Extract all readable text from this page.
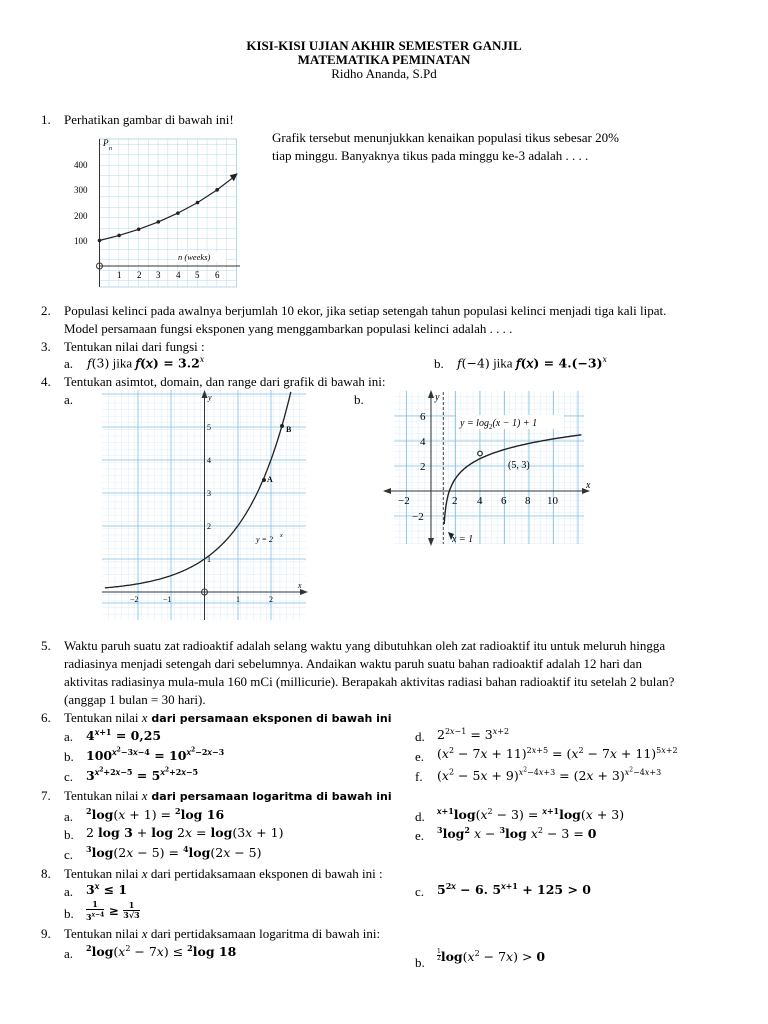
KISI-KISI UJIAN AKHIR SEMESTER GANJIL
MATEMATIKA PEMINATAN
Ridho Ananda, S.Pd
1. Perhatikan gambar di bawah ini!
Grafik tersebut menunjukkan kenaikan populasi tikus sebesar 20%
tiap minggu. Banyaknya tikus pada minggu ke-3 adalah . . . .
P
n
400
300
200
100
1 2 3 4 5 6
n (weeks)
2. Populasi kelinci pada awalnya berjumlah 10 ekor, jika setiap setengah tahun populasi kelinci menjadi tiga kali lipat.
Model persamaan fungsi eksponen yang menggambarkan populasi kelinci adalah . . . .
3. Tentukan nilai dari fungsi :
a. 𝑓(3) jika 𝑓(𝑥) = $3.2^𝑥$	b. 𝑓(−4) jika 𝑓(𝑥) = $4.(-3)^𝑥$
4. Tentukan asimtot, domain, dan range dari grafik di bawah ini:
a.	b.
y
x
5
4
3
2
1
−2	−1	1	2
A
B
y = 2 x
$y = \log_2(x - 1) + 1$
y
x
6
4
2
−2
−2	2 4 6 8 10
(5, 3)
x = 1
5. Waktu paruh suatu zat radioaktif adalah selang waktu yang dibutuhkan oleh zat radioaktif itu untuk meluruh hingga
radiasinya menjadi setengah dari sebelumnya. Andaikan waktu paruh suatu bahan radioaktif adalah 12 hari dan
aktivitas radiasinya mula-mula 160 mCi (millicurie). Berapakah aktivitas radiasi bahan radioaktif itu setelah 2 bulan?
(anggap 1 bulan = 30 hari).
6. Tentukan nilai x dari persamaan eksponen di bawah ini
a. $4^{𝑥+1} = 0,25$
b. $100^{𝑥^2-3𝑥-4} = 10^{𝑥^2-2𝑥-3}$
c. $3^{𝑥^2+2𝑥-5} = 5^{𝑥^2+2𝑥-5}$
d. $2^{2𝑥-1} = 3^{𝑥+2}$
e. (𝑥$^2$ − 7𝑥 + 11)$^{2𝑥+5}$ = (𝑥$^2$ − 7𝑥 + 11)$^{5𝑥+2}$
f. (𝑥$^2$ − 5𝑥 + 9)$^{𝑥^2-4𝑥+3}$ = (2𝑥 + 3)$^{𝑥^2-4𝑥+3}$
7. Tentukan nilai x dari persamaan logaritma di bawah ini
a. $^2$log(𝑥 + 1) = $^2$log 16
b. 2 log 3 + log 2𝑥 = log(3𝑥 + 1)
c. $^3$log(2𝑥 − 5) = $^4$log(2𝑥 − 5)
d. $^{𝑥+1}$log(𝑥$^2$ − 3) = $^{𝑥+1}$log(𝑥 + 3)
e. $^3\log^2$ 𝑥 − $^3$log 𝑥$^2$ − 3 = 0
8. Tentukan nilai x dari pertidaksamaan eksponen di bawah ini :
a. $3^𝑥 \le 1$
b.
1
$3^{𝑥-4} \ge \frac{1}{3√3}$
c. $5^{2𝑥} - 6$. $5^{𝑥+1} + 125 > 0$
9. Tentukan nilai x dari pertidaksamaan logaritma di bawah ini:
a. $^2$log(𝑥$^2$ − 7𝑥) ≤ $^2$log 18
b. $\frac{1}{2}\log(𝑥^2$ − 7𝑥) > 0
